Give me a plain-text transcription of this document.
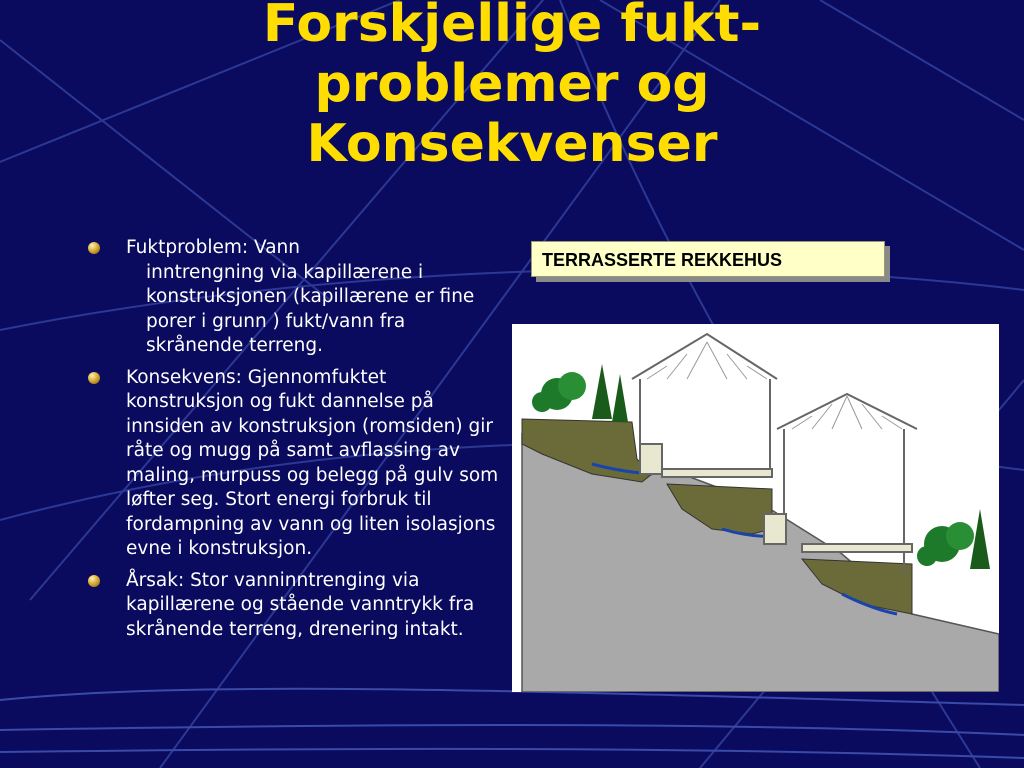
Forskjellige fukt-
problemer og
Konsekvenser
Fuktproblem: Vann
inntrengning via kapillærene i konstruksjonen (kapillærene er fine porer i grunn ) fukt/vann fra skrånende terreng.
Konsekvens: Gjennomfuktet konstruksjon og fukt dannelse på innsiden av konstruksjon (romsiden) gir råte og mugg på samt avflassing av maling, murpuss og belegg på gulv som løfter seg. Stort energi forbruk til fordampning av vann og liten isolasjons evne i konstruksjon.
Årsak: Stor vanninntrenging via kapillærene og stående vanntrykk fra skrånende terreng, drenering intakt.
TERRASSERTE REKKEHUS
